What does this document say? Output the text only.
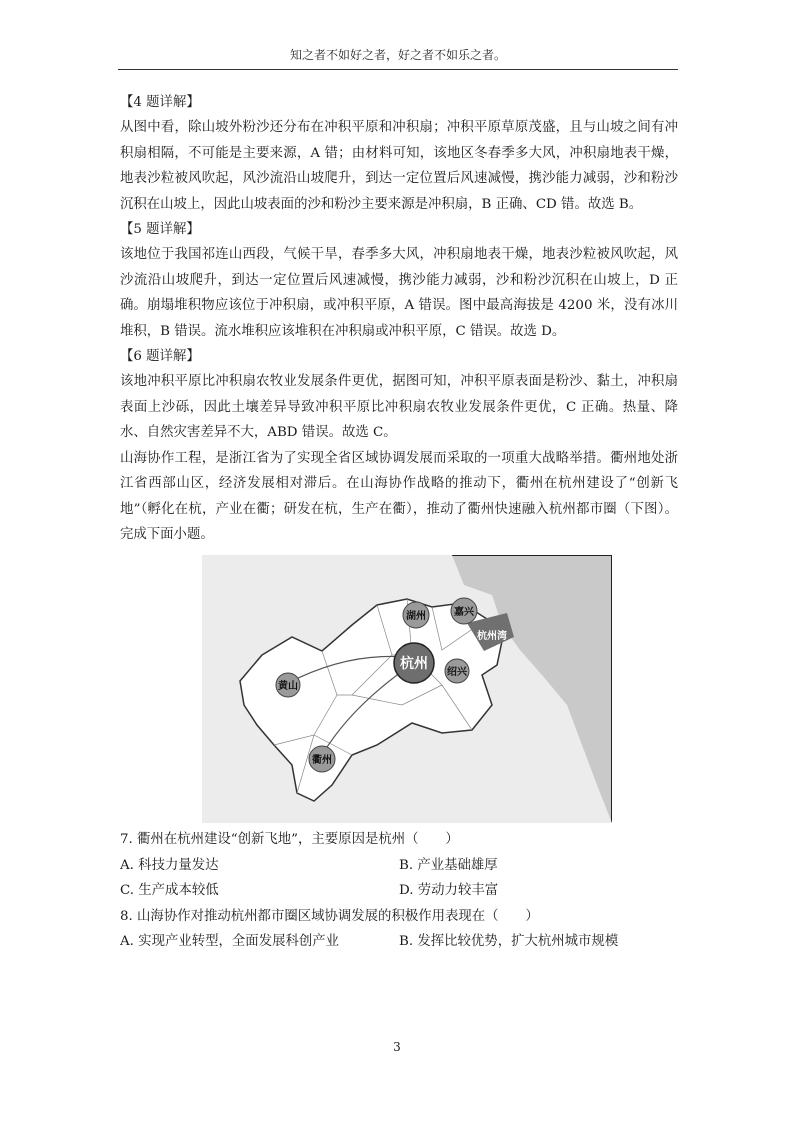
知之者不如好之者，好之者不如乐之者。

【4 题详解】

从图中看，除山坡外粉沙还分布在冲积平原和冲积扇；冲积平原草原茂盛，且与山坡之间有冲积扇相隔，不可能是主要来源，A 错；由材料可知，该地区冬春季多大风，冲积扇地表干燥，地表沙粒被风吹起，风沙流沿山坡爬升，到达一定位置后风速减慢，携沙能力减弱，沙和粉沙沉积在山坡上，因此山坡表面的沙和粉沙主要来源是冲积扇，B 正确、CD 错。故选 B。

【5 题详解】

该地位于我国祁连山西段，气候干旱，春季多大风，冲积扇地表干燥，地表沙粒被风吹起，风沙流沿山坡爬升，到达一定位置后风速减慢，携沙能力减弱，沙和粉沙沉积在山坡上，D 正确。崩塌堆积物应该位于冲积扇，或冲积平原，A 错误。图中最高海拔是 4200 米，没有冰川堆积，B 错误。流水堆积应该堆积在冲积扇或冲积平原，C 错误。故选 D。

【6 题详解】

该地冲积平原比冲积扇农牧业发展条件更优，据图可知，冲积平原表面是粉沙、黏土，冲积扇表面上沙砾，因此土壤差异导致冲积平原比冲积扇农牧业发展条件更优，C 正确。热量、降水、自然灾害差异不大，ABD 错误。故选 C。

山海协作工程，是浙江省为了实现全省区域协调发展而采取的一项重大战略举措。衢州地处浙江省西部山区，经济发展相对滞后。在山海协作战略的推动下，衢州在杭州建设了“创新飞地”（孵化在杭，产业在衢；研发在杭，生产在衢），推动了衢州快速融入杭州都市圈（下图）。完成下面小题。

湖州	嘉兴
杭州湾
杭州
绍兴
黄山
衢州

7. 衢州在杭州建设“创新飞地”，主要原因是杭州（　　）

A. 科技力量发达	B. 产业基础雄厚
C. 生产成本较低	D. 劳动力较丰富

8. 山海协作对推动杭州都市圈区域协调发展的积极作用表现在（　　）

A. 实现产业转型，全面发展科创产业	B. 发挥比较优势，扩大杭州城市规模
3
